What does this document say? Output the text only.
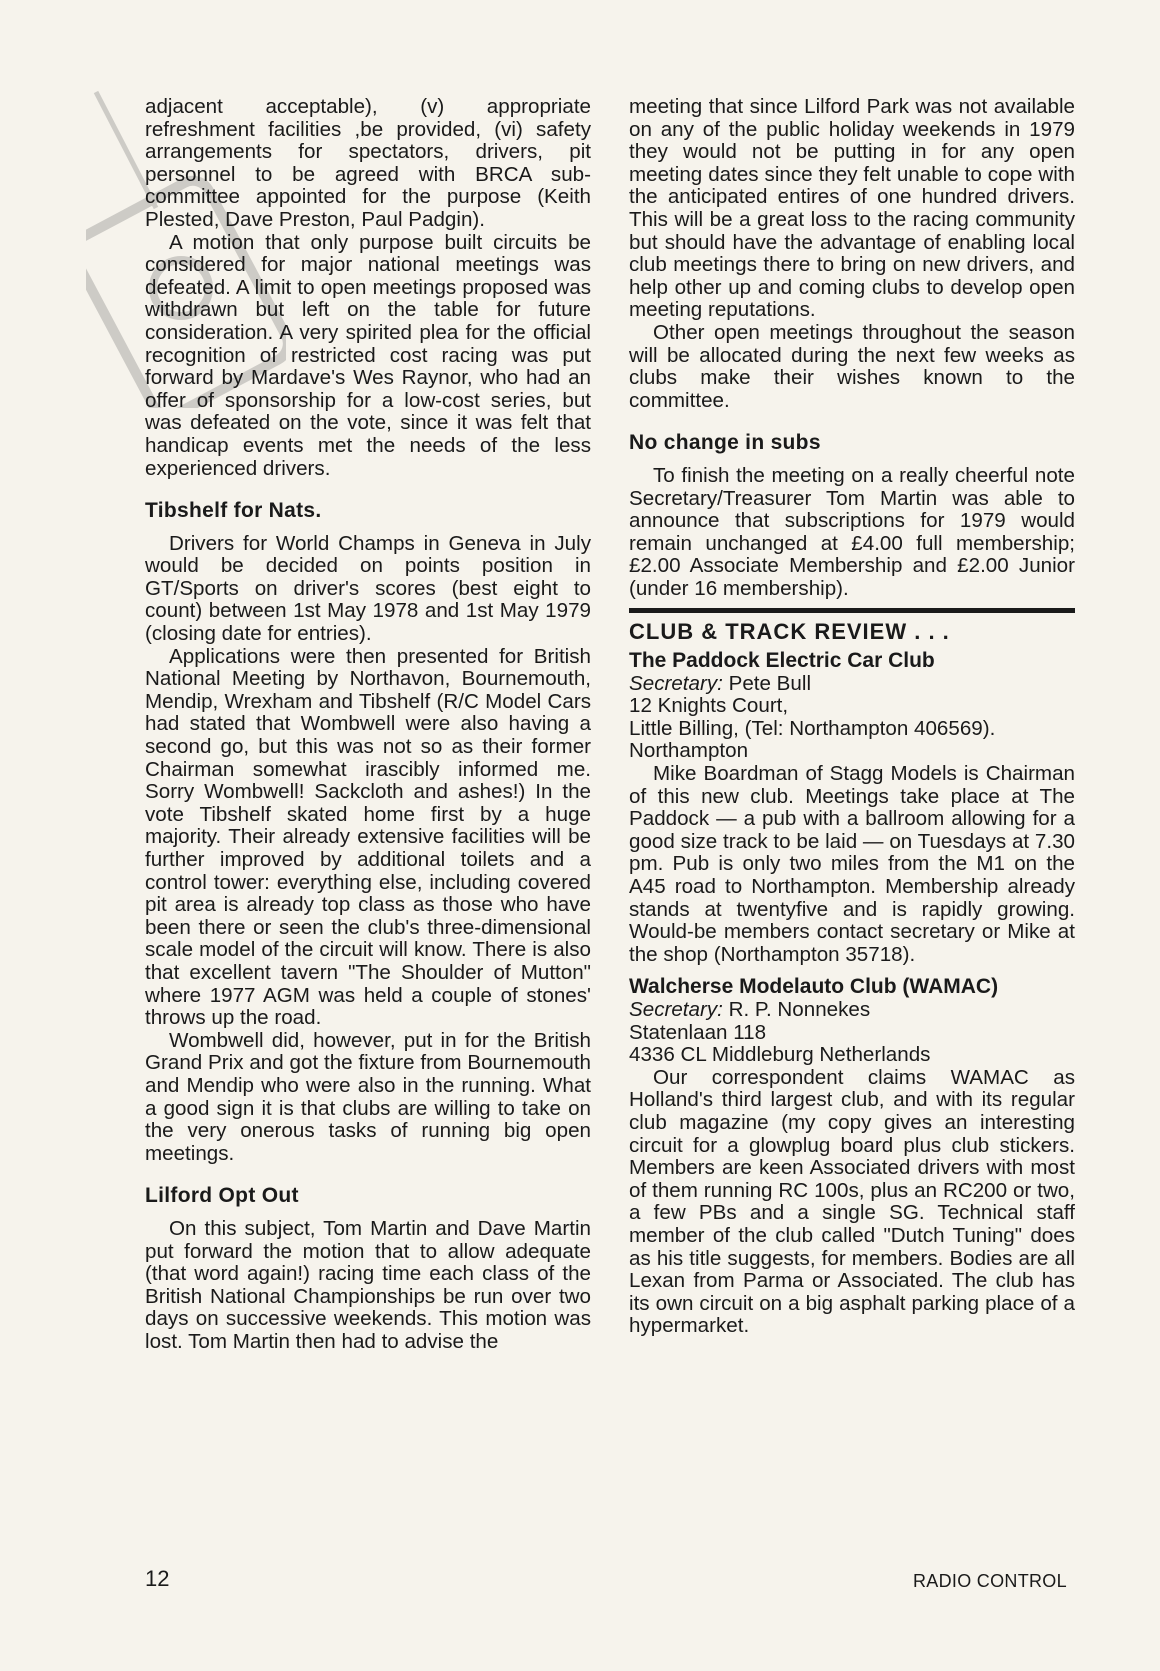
adjacent acceptable), (v) appropriate refreshment facilities ,be provided, (vi) safety arrangements for spectators, drivers, pit personnel to be agreed with BRCA sub-committee appointed for the purpose (Keith Plested, Dave Preston, Paul Padgin).

A motion that only purpose built circuits be considered for major national meetings was defeated. A limit to open meetings proposed was withdrawn but left on the table for future consideration. A very spirited plea for the official recognition of restricted cost racing was put forward by Mardave's Wes Raynor, who had an offer of sponsorship for a low-cost series, but was defeated on the vote, since it was felt that handicap events met the needs of the less experienced drivers.

Tibshelf for Nats.

Drivers for World Champs in Geneva in July would be decided on points position in GT/Sports on driver's scores (best eight to count) between 1st May 1978 and 1st May 1979 (closing date for entries).

Applications were then presented for British National Meeting by Northavon, Bournemouth, Mendip, Wrexham and Tibshelf (R/C Model Cars had stated that Wombwell were also having a second go, but this was not so as their former Chairman somewhat irascibly informed me. Sorry Wombwell! Sackcloth and ashes!) In the vote Tibshelf skated home first by a huge majority. Their already extensive facilities will be further improved by additional toilets and a control tower: everything else, including covered pit area is already top class as those who have been there or seen the club's three-dimensional scale model of the circuit will know. There is also that excellent tavern "The Shoulder of Mutton" where 1977 AGM was held a couple of stones' throws up the road.

Wombwell did, however, put in for the British Grand Prix and got the fixture from Bournemouth and Mendip who were also in the running. What a good sign it is that clubs are willing to take on the very onerous tasks of running big open meetings.

Lilford Opt Out

On this subject, Tom Martin and Dave Martin put forward the motion that to allow adequate (that word again!) racing time each class of the British National Championships be run over two days on successive weekends. This motion was lost. Tom Martin then had to advise the

meeting that since Lilford Park was not available on any of the public holiday weekends in 1979 they would not be putting in for any open meeting dates since they felt unable to cope with the anticipated entires of one hundred drivers. This will be a great loss to the racing community but should have the advantage of enabling local club meetings there to bring on new drivers, and help other up and coming clubs to develop open meeting reputations.

Other open meetings throughout the season will be allocated during the next few weeks as clubs make their wishes known to the committee.

No change in subs

To finish the meeting on a really cheerful note Secretary/Treasurer Tom Martin was able to announce that subscriptions for 1979 would remain unchanged at £4.00 full membership; £2.00 Associate Membership and £2.00 Junior (under 16 membership).

CLUB & TRACK REVIEW . . .
The Paddock Electric Car Club
Secretary: Pete Bull
12 Knights Court,
Little Billing, (Tel: Northampton 406569).
Northampton

Mike Boardman of Stagg Models is Chairman of this new club. Meetings take place at The Paddock — a pub with a ballroom allowing for a good size track to be laid — on Tuesdays at 7.30 pm. Pub is only two miles from the M1 on the A45 road to Northampton. Membership already stands at twentyfive and is rapidly growing. Would-be members contact secretary or Mike at the shop (Northampton 35718).

Walcherse Modelauto Club (WAMAC)
Secretary: R. P. Nonnekes
Statenlaan 118
4336 CL Middleburg Netherlands

Our correspondent claims WAMAC as Holland's third largest club, and with its regular club magazine (my copy gives an interesting circuit for a glowplug board plus club stickers. Members are keen Associated drivers with most of them running RC 100s, plus an RC200 or two, a few PBs and a single SG. Technical staff member of the club called "Dutch Tuning" does as his title suggests, for members. Bodies are all Lexan from Parma or Associated. The club has its own circuit on a big asphalt parking place of a hypermarket.

12	RADIO CONTROL
